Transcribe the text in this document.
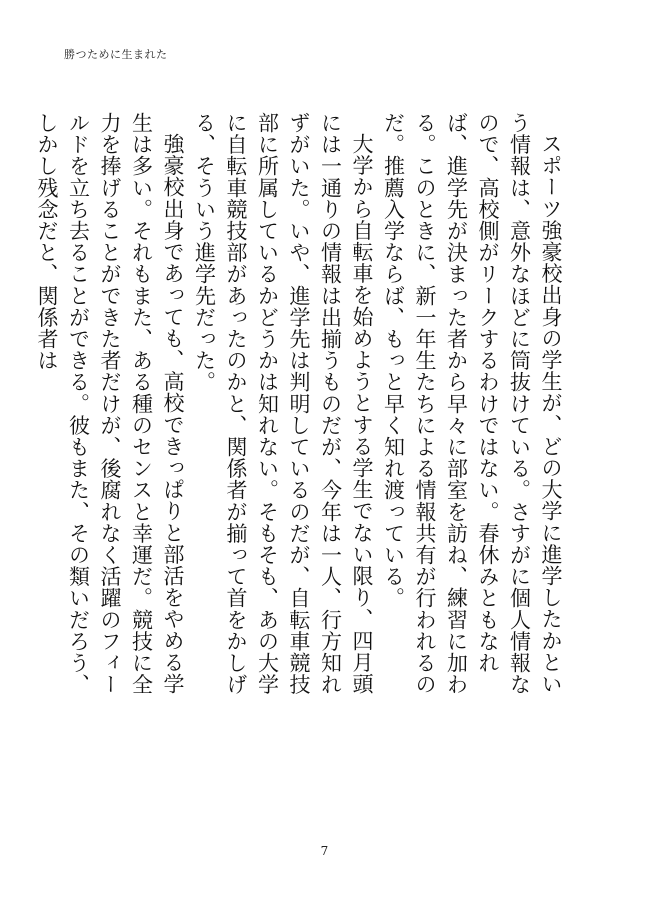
勝つために生まれた

スポーツ強豪校出身の学生が、どの大学に進学したかという情報は、意外なほどに筒抜けている。さすがに個人情報なので、高校側がリークするわけではない。春休みともなれば、進学先が決まった者から早々に部室を訪ね、練習に加わる。このときに、新一年生たちによる情報共有が行われるのだ。推薦入学ならば、もっと早く知れ渡っている。

大学から自転車を始めようとする学生でない限り、四月頭には一通りの情報は出揃うものだが、今年は一人、行方知れずがいた。いや、進学先は判明しているのだが、自転車競技部に所属しているかどうかは知れない。そもそも、あの大学に自転車競技部があったのかと、関係者が揃って首をかしげる、そういう進学先だった。

強豪校出身であっても、高校できっぱりと部活をやめる学生は多い。それもまた、ある種のセンスと幸運だ。競技に全力を捧げることができた者だけが、後腐れなく活躍のフィールドを立ち去ることができる。彼もまた、その類いだろう、しかし残念だと、関係者は

7
